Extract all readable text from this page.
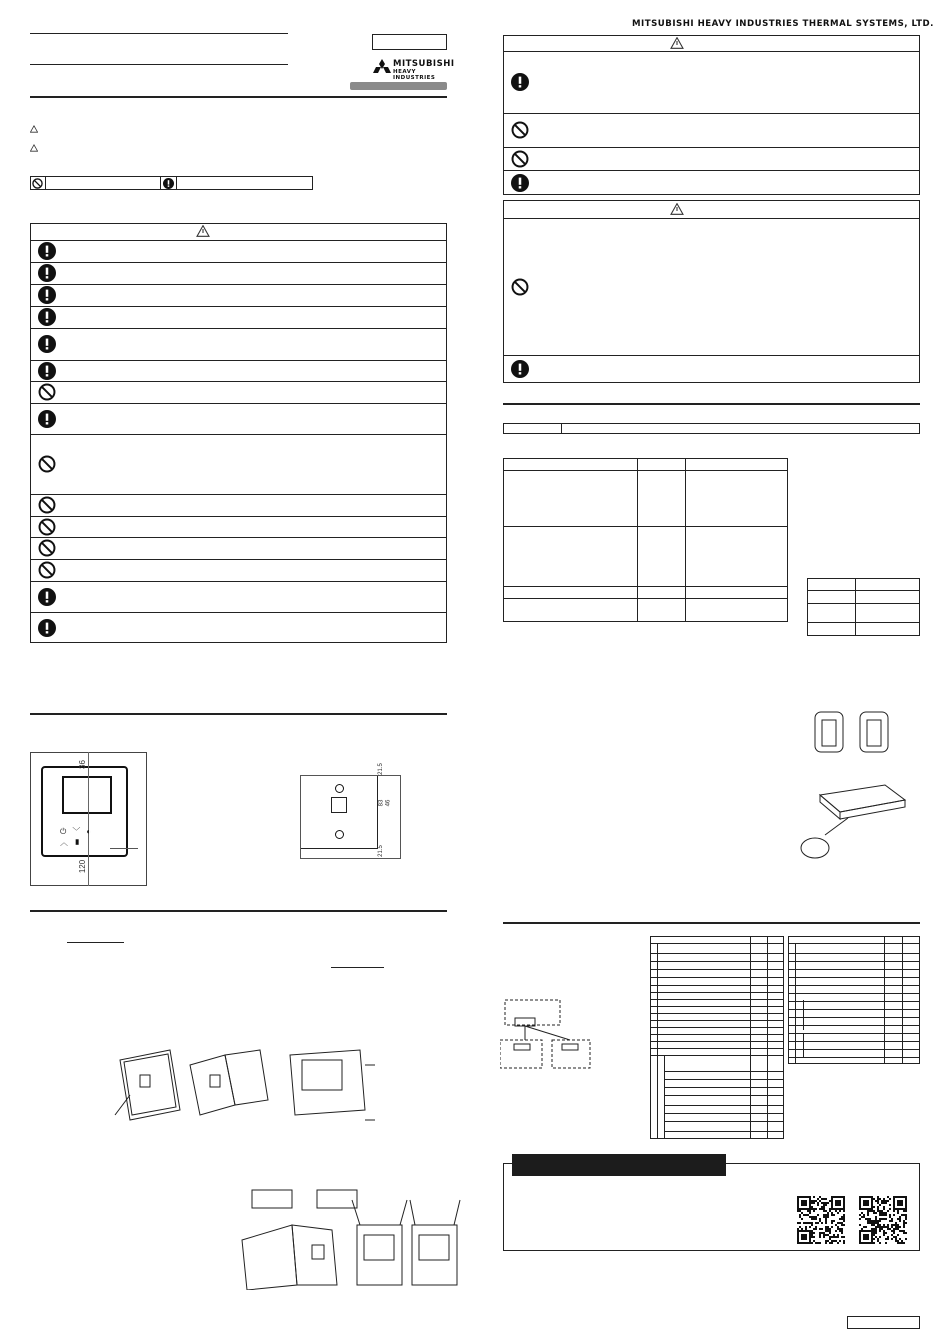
MITSUBISHI
HEAVY INDUSTRIES
36
120
⏻﹀◐︿▮
21.5
83 46
21.5
MITSUBISHI HEAVY INDUSTRIES THERMAL SYSTEMS, LTD.
